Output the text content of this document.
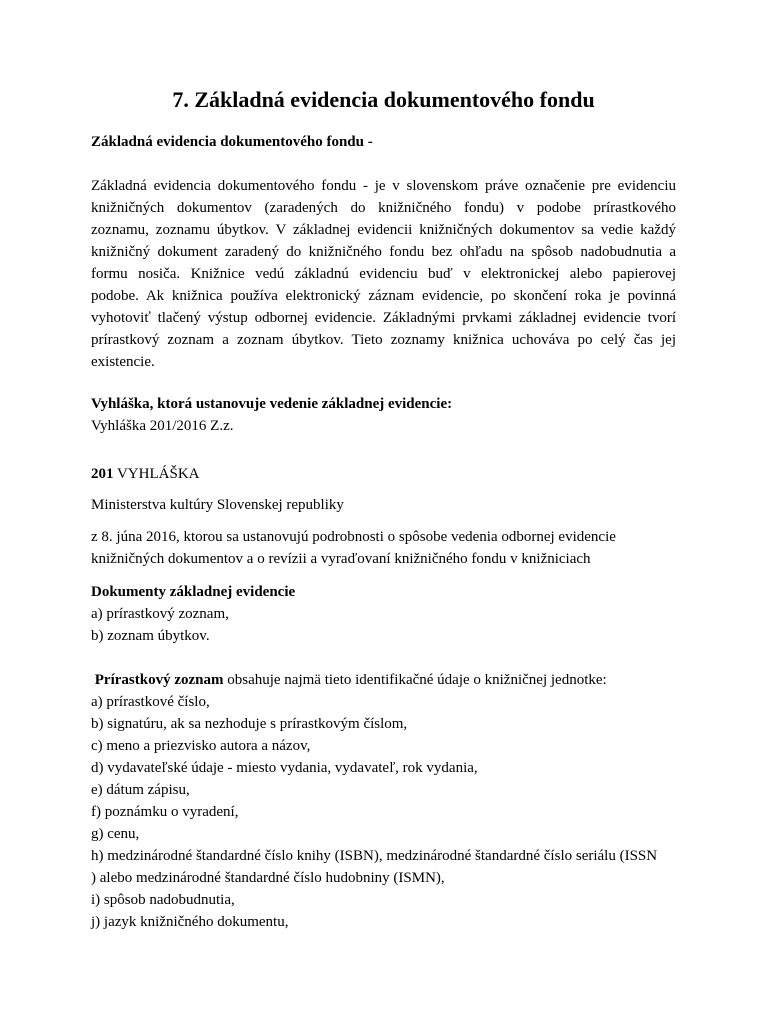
7. Základná evidencia dokumentového fondu

Základná evidencia dokumentového fondu -

Základná evidencia dokumentového fondu - je v slovenskom práve označenie pre evidenciu
knižničných dokumentov (zaradených do knižničného fondu) v podobe prírastkového
zoznamu, zoznamu úbytkov. V základnej evidencii knižničných dokumentov sa vedie každý
knižničný dokument zaradený do knižničného fondu bez ohľadu na spôsob nadobudnutia a
formu nosiča. Knižnice vedú základnú evidenciu buď v elektronickej alebo papierovej
podobe. Ak knižnica používa elektronický záznam evidencie, po skončení roka je povinná
vyhotoviť tlačený výstup odbornej evidencie. Základnými prvkami základnej evidencie tvorí
prírastkový zoznam a zoznam úbytkov. Tieto zoznamy knižnica uchováva po celý čas jej
existencie.

Vyhláška, ktorá ustanovuje vedenie základnej evidencie:

Vyhláška 201/2016 Z.z.

201 VYHLÁŠKA

Ministerstva kultúry Slovenskej republiky

z 8. júna 2016, ktorou sa ustanovujú podrobnosti o spôsobe vedenia odbornej evidencie
knižničných dokumentov a o revízii a vyraďovaní knižničného fondu v knižniciach

Dokumenty základnej evidencie

a) prírastkový zoznam,
b) zoznam úbytkov.

Prírastkový zoznam obsahuje najmä tieto identifikačné údaje o knižničnej jednotke:

a) prírastkové číslo,
b) signatúru, ak sa nezhoduje s prírastkovým číslom,
c) meno a priezvisko autora a názov,
d) vydavateľské údaje - miesto vydania, vydavateľ, rok vydania,
e) dátum zápisu,
f) poznámku o vyradení,
g) cenu,
h) medzinárodné štandardné číslo knihy (ISBN), medzinárodné štandardné číslo seriálu (ISSN
) alebo medzinárodné štandardné číslo hudobniny (ISMN),
i) spôsob nadobudnutia,
j) jazyk knižničného dokumentu,
